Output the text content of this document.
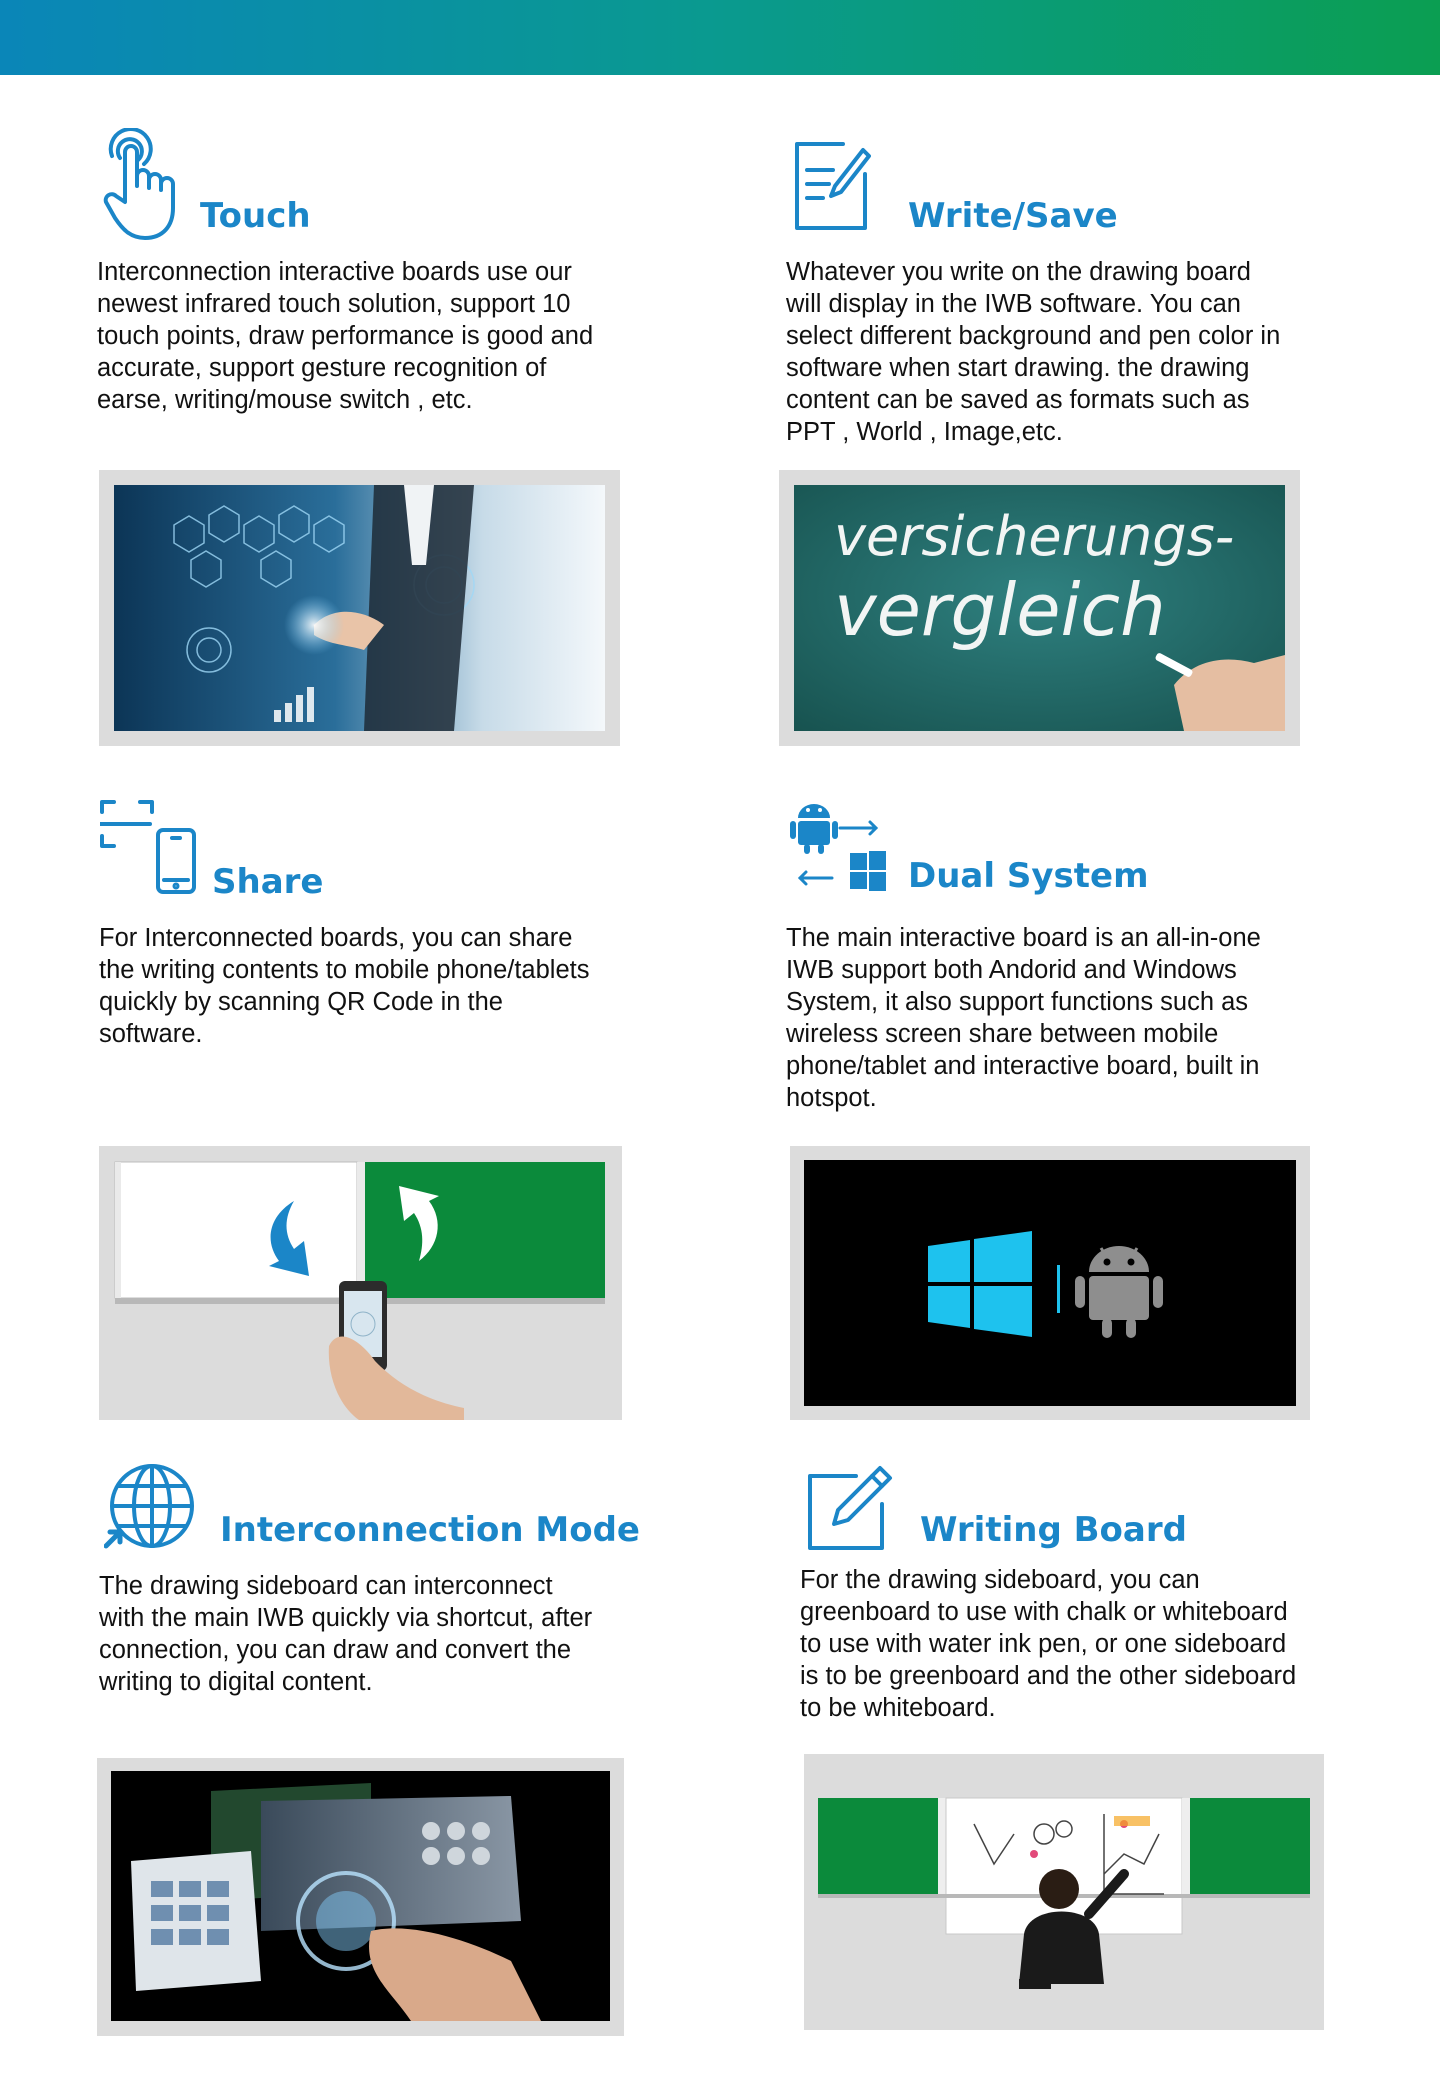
Touch
Interconnection interactive boards use our
newest infrared touch solution, support 10
touch points, draw performance is good and
accurate, support gesture recognition of
earse, writing/mouse switch , etc.
Write/Save
Whatever you write on the drawing board
will display in the IWB software. You can
select different background and pen color in
software when start drawing. the drawing
content can be saved as formats such as
PPT , World , Image,etc.
versicherungs-
vergleich
Share
For Interconnected boards, you can share
the writing contents to mobile phone/tablets
quickly by scanning QR Code in the
software.
Dual System
The main interactive board is an all-in-one
IWB support both Andorid and Windows
System, it also support functions such as
wireless screen share between mobile
phone/tablet and interactive board, built in
hotspot.
Interconnection Mode
The drawing sideboard can interconnect
with the main IWB quickly via shortcut, after
connection, you can draw and convert the
writing to digital content.
Writing Board
For the drawing sideboard, you can
greenboard to use with chalk or whiteboard
to use with water ink pen, or one sideboard
is to be greenboard and the other sideboard
to be whiteboard.
